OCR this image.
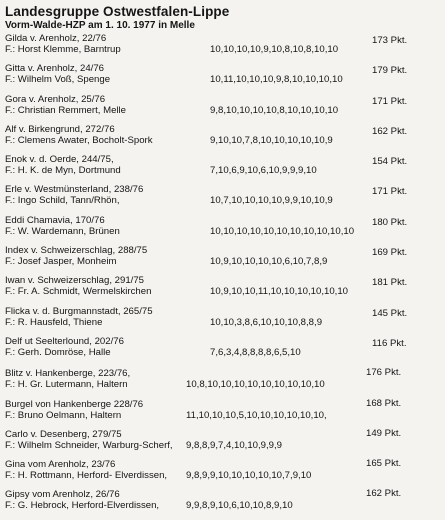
Landesgruppe Ostwestfalen-Lippe
Vorm-Walde-HZP am 1. 10. 1977 in Melle
Gilda v. Arenholz, 22/76
F.: Horst Klemme, Barntrup	10,10,10,10,9,10,8,10,8,10,10
173 Pkt.
Gitta v. Arenholz, 24/76
F.: Wilhelm Voß, Spenge	10,11,10,10,10,9,8,10,10,10,10
179 Pkt.
Gora v. Arenholz, 25/76
F.: Christian Remmert, Melle	9,8,10,10,10,10,8,10,10,10,10
171 Pkt.
Alf v. Birkengrund, 272/76
F.: Clemens Awater, Bocholt-Spork	9,10,10,7,8,10,10,10,10,10,9
162 Pkt.
Enok v. d. Oerde, 244/75,
F.: H. K. de Myn, Dortmund	7,10,6,9,10,6,10,9,9,9,10
154 Pkt.
Erle v. Westmünsterland, 238/76
F.: Ingo Schild, Tann/Rhön,	10,7,10,10,10,10,9,9,10,10,9
171 Pkt.
Eddi Chamavia, 170/76
F.: W. Wardemann, Brünen	10,10,10,10,10,10,10,10,10,10,10
180 Pkt.
Index v. Schweizerschlag, 288/75
F.: Josef Jasper, Monheim	10,9,10,10,10,10,6,10,7,8,9
169 Pkt.
Iwan v. Schweizerschlag, 291/75
F.: Fr. A. Schmidt, Wermelskirchen	10,9,10,10,11,10,10,10,10,10,10
181 Pkt.
Flicka v. d. Burgmannstadt, 265/75
F.: R. Hausfeld, Thiene	10,10,3,8,6,10,10,10,8,8,9
145 Pkt.
Delf ut Seelterlound, 202/76
F.: Gerh. Domröse, Halle	7,6,3,4,8,8,8,8,6,5,10
116 Pkt.
Blitz v. Hankenberge, 223/76,
F.: H. Gr. Lutermann, Haltern	10,8,10,10,10,10,10,10,10,10,10
176 Pkt.
Burgel von Hankenberge 228/76
F.: Bruno Oelmann, Haltern	11,10,10,10,5,10,10,10,10,10,10,
168 Pkt.
Carlo v. Desenberg, 279/75
F.: Wilhelm Schneider, Warburg-Scherf, 9,8,8,9,7,4,10,10,9,9,9
149 Pkt.
Gina vom Arenholz, 23/76
F.: H. Rottmann, Herford- Elverdissen, 9,8,9,9,10,10,10,10,10,7,9,10
165 Pkt.
Gipsy vom Arenholz, 26/76
F.: G. Hebrock, Herford-Elverdissen,	9,9,8,9,10,6,10,10,8,9,10
162 Pkt.
